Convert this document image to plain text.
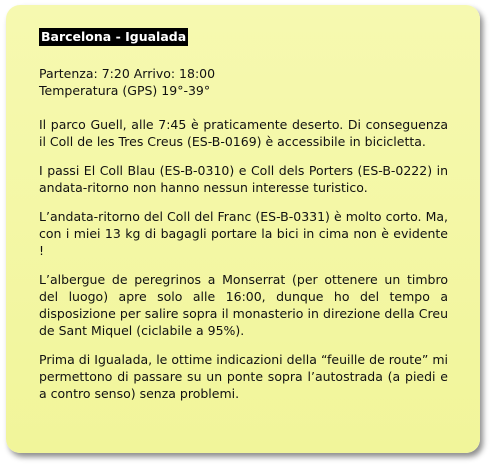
Barcelona - Igualada

Partenza: 7:20 Arrivo: 18:00

Temperatura (GPS) 19°-39°

Il parco Guell, alle 7:45 è praticamente deserto. Di conseguenza il Coll de les Tres Creus (ES-B-0169) è accessibile in bicicletta.

I passi El Coll Blau (ES-B-0310) e Coll dels Porters (ES-B-0222) in andata-ritorno non hanno nessun interesse turistico.

L’andata-ritorno del Coll del Franc (ES-B-0331) è molto corto. Ma, con i miei 13 kg di bagagli portare la bici in cima non è evidente !

L’albergue de peregrinos a Monserrat (per ottenere un timbro del luogo) apre solo alle 16:00, dunque ho del tempo a disposizione per salire sopra il monasterio in direzione della Creu de Sant Miquel (ciclabile a 95%).

Prima di Igualada, le ottime indicazioni della “feuille de route” mi permettono di passare su un ponte sopra l’autostrada (a piedi e a contro senso) senza problemi.
